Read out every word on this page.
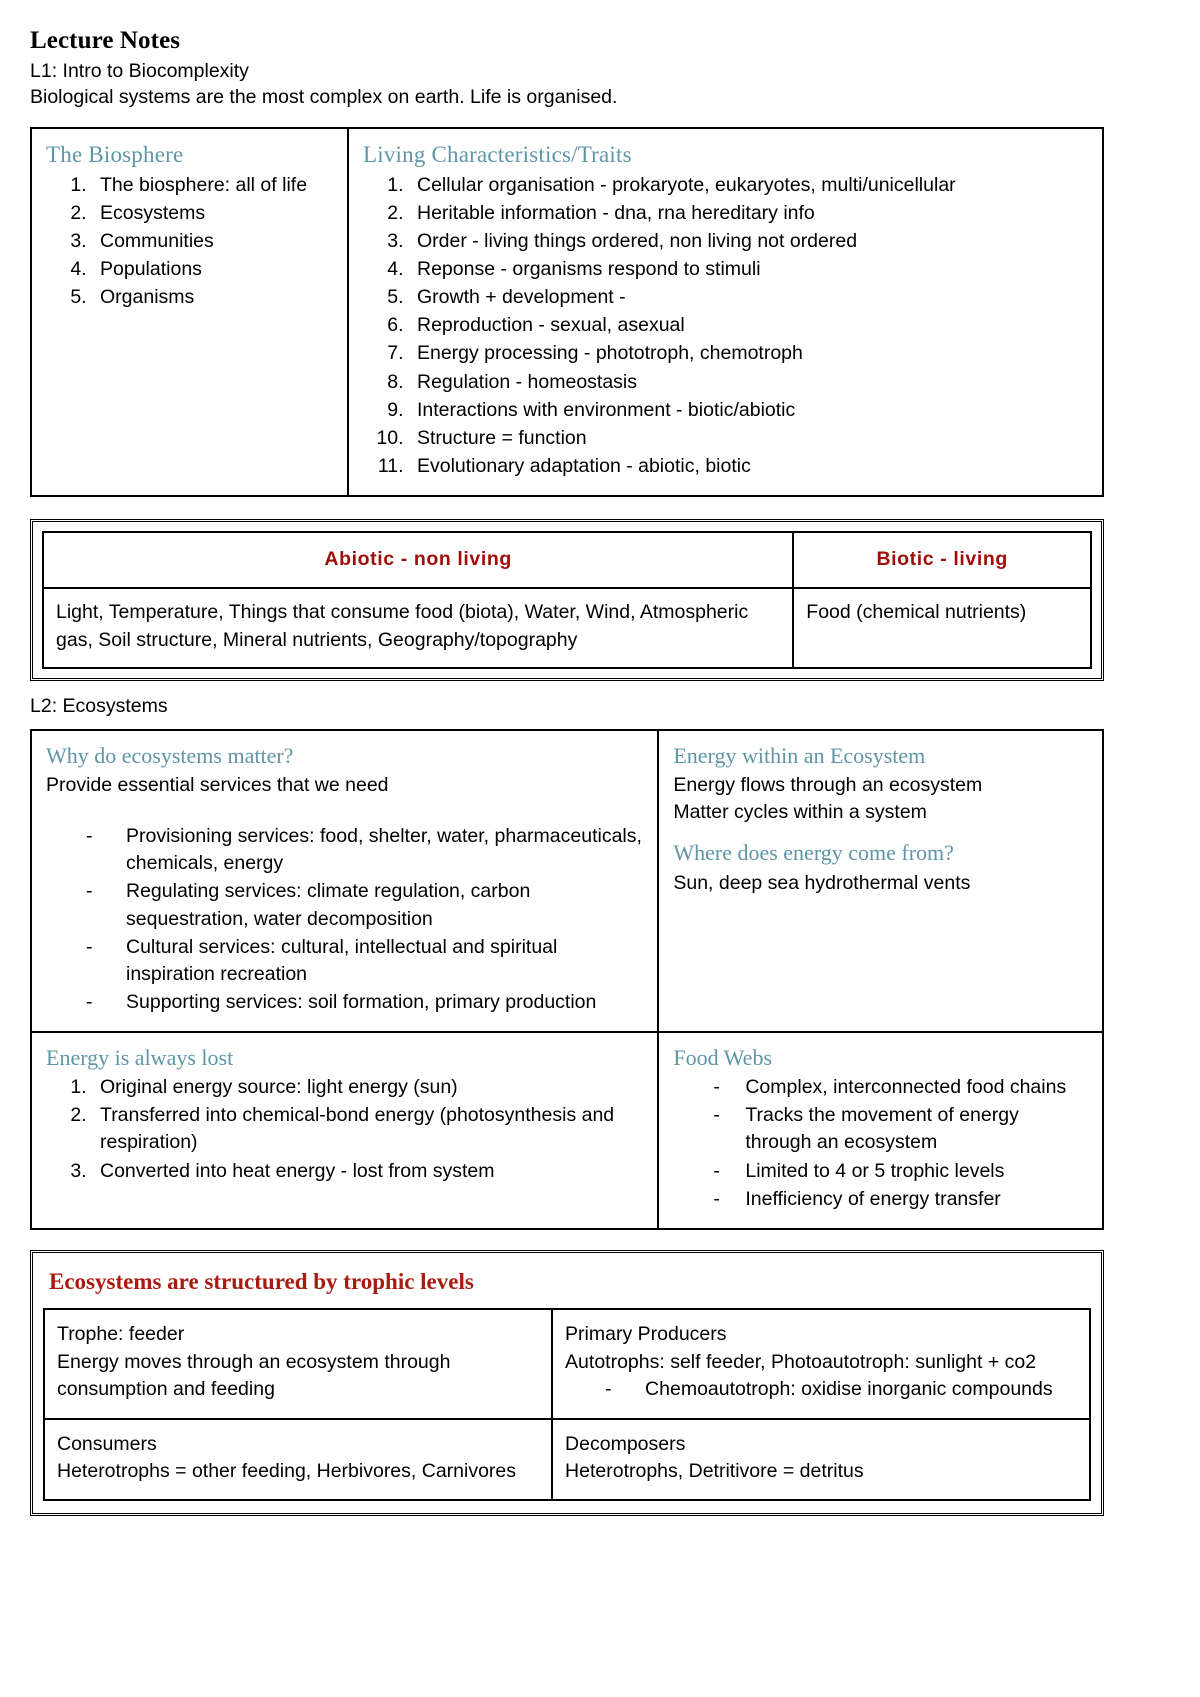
Lecture Notes

L1: Intro to Biocomplexity

Biological systems are the most complex on earth. Life is organised.

The Biosphere
1. The biosphere: all of life
2. Ecosystems
3. Communities
4. Populations
5. Organisms

Living Characteristics/Traits
1. Cellular organisation - prokaryote, eukaryotes, multi/unicellular
2. Heritable information - dna, rna hereditary info
3. Order - living things ordered, non living not ordered
4. Reponse - organisms respond to stimuli
5. Growth + development -
6. Reproduction - sexual, asexual
7. Energy processing - phototroph, chemotroph
8. Regulation - homeostasis
9. Interactions with environment - biotic/abiotic
10. Structure = function
11. Evolutionary adaptation - abiotic, biotic
Abiotic - non living	Biotic - living
Light, Temperature, Things that consume food (biota), Water, Wind, Atmospheric gas, Soil structure, Mineral nutrients, Geography/topography	Food (chemical nutrients)

L2: Ecosystems

Why do ecosystems matter?

Provide essential services that we need

- Provisioning services: food, shelter, water, pharmaceuticals, chemicals, energy
- Regulating services: climate regulation, carbon sequestration, water decomposition
- Cultural services: cultural, intellectual and spiritual inspiration recreation
- Supporting services: soil formation, primary production

Energy within an Ecosystem

Energy flows through an ecosystem

Matter cycles within a system

Where does energy come from?

Sun, deep sea hydrothermal vents

Energy is always lost
1. Original energy source: light energy (sun)
2. Transferred into chemical-bond energy (photosynthesis and respiration)
3. Converted into heat energy - lost from system

Food Webs
- Complex, interconnected food chains
- Tracks the movement of energy through an ecosystem
- Limited to 4 or 5 trophic levels
- Inefficiency of energy transfer
Ecosystems are structured by trophic levels

Trophe: feeder

Energy moves through an ecosystem through consumption and feeding

Primary Producers

Autotrophs: self feeder, Photoautotroph: sunlight + co2

- Chemoautotroph: oxidise inorganic compounds

Consumers

Heterotrophs = other feeding, Herbivores, Carnivores

Decomposers

Heterotrophs, Detritivore = detritus
